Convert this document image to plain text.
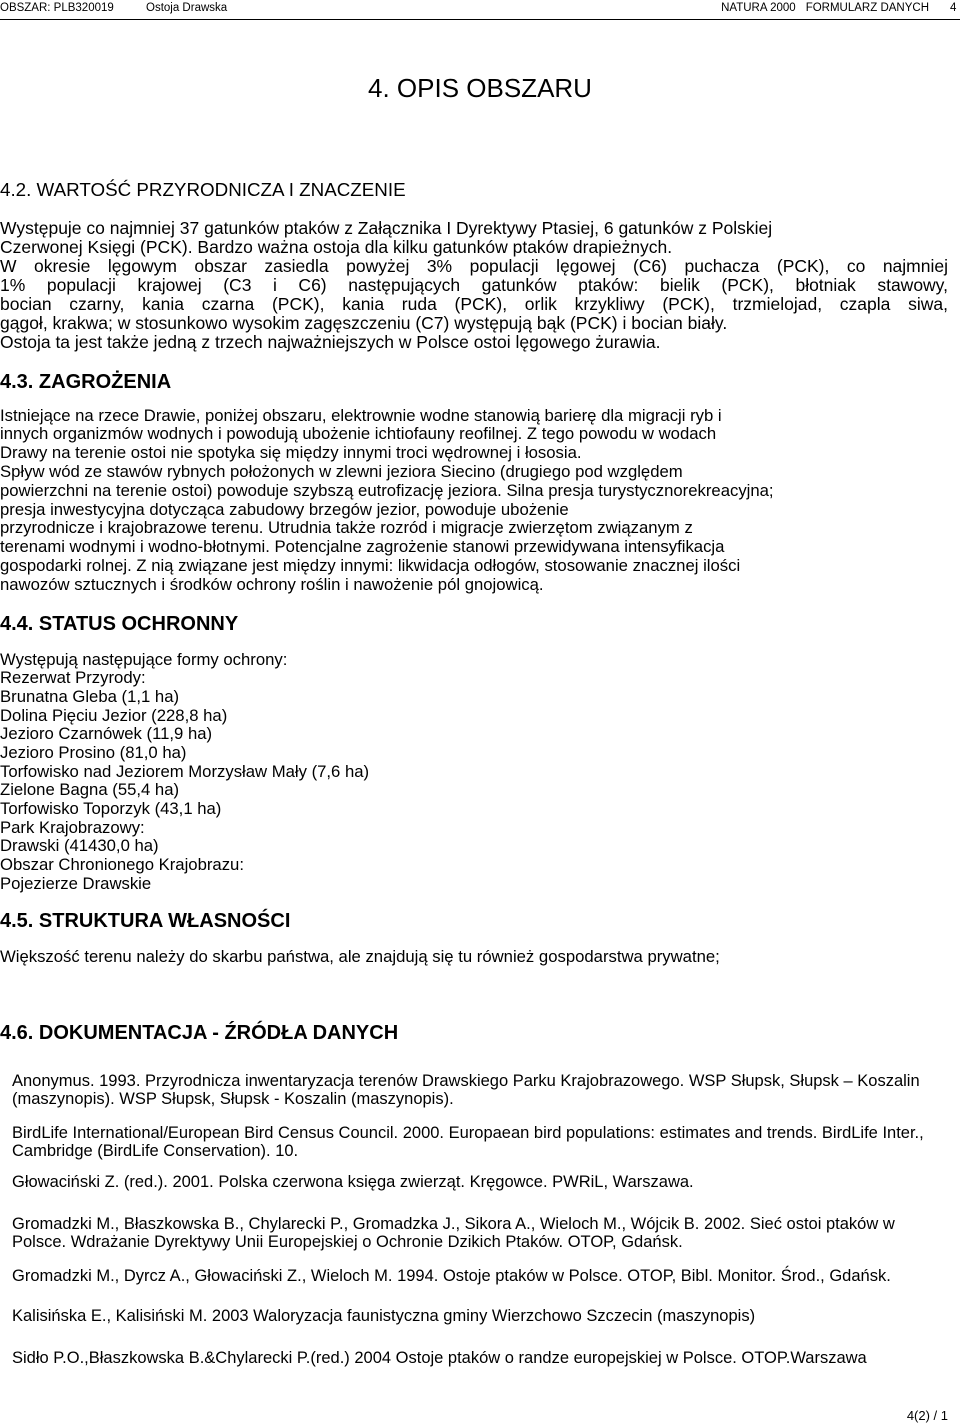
OBSZAR: PLB320019	Ostoja Drawska	NATURA 2000 FORMULARZ DANYCH 4
4. OPIS OBSZARU
4.2. WARTOŚĆ PRZYRODNICZA I ZNACZENIE
Występuje co najmniej 37 gatunków ptaków z Załącznika I Dyrektywy Ptasiej, 6 gatunków z Polskiej
Czerwonej Księgi (PCK). Bardzo ważna ostoja dla kilku gatunków ptaków drapieżnych.
W okresie lęgowym obszar zasiedla powyżej 3% populacji lęgowej (C6) puchacza (PCK), co najmniej
1% populacji krajowej (C3 i C6) następujących gatunków ptaków: bielik (PCK), błotniak stawowy,
bocian czarny, kania czarna (PCK), kania ruda (PCK), orlik krzykliwy (PCK), trzmielojad, czapla siwa,
gągoł, krakwa; w stosunkowo wysokim zagęszczeniu (C7) występują bąk (PCK) i bocian biały.
Ostoja ta jest także jedną z trzech najważniejszych w Polsce ostoi lęgowego żurawia.
4.3. ZAGROŻENIA
Istniejące na rzece Drawie, poniżej obszaru, elektrownie wodne stanowią barierę dla migracji ryb i
innych organizmów wodnych i powodują ubożenie ichtiofauny reofilnej. Z tego powodu w wodach
Drawy na terenie ostoi nie spotyka się między innymi troci wędrownej i łososia.
Spływ wód ze stawów rybnych położonych w zlewni jeziora Siecino (drugiego pod względem
powierzchni na terenie ostoi) powoduje szybszą eutrofizację jeziora. Silna presja turystycznorekreacyjna;
presja inwestycyjna dotycząca zabudowy brzegów jezior, powoduje ubożenie
przyrodnicze i krajobrazowe terenu. Utrudnia także rozród i migracje zwierzętom związanym z
terenami wodnymi i wodno-błotnymi. Potencjalne zagrożenie stanowi przewidywana intensyfikacja
gospodarki rolnej. Z nią związane jest między innymi: likwidacja odłogów, stosowanie znacznej ilości
nawozów sztucznych i środków ochrony roślin i nawożenie pól gnojowicą.
4.4. STATUS OCHRONNY
Występują następujące formy ochrony:
Rezerwat Przyrody:
Brunatna Gleba (1,1 ha)
Dolina Pięciu Jezior (228,8 ha)
Jezioro Czarnówek (11,9 ha)
Jezioro Prosino (81,0 ha)
Torfowisko nad Jeziorem Morzysław Mały (7,6 ha)
Zielone Bagna (55,4 ha)
Torfowisko Toporzyk (43,1 ha)
Park Krajobrazowy:
Drawski (41430,0 ha)
Obszar Chronionego Krajobrazu:
Pojezierze Drawskie
4.5. STRUKTURA WŁASNOŚCI
Większość terenu należy do skarbu państwa, ale znajdują się tu również gospodarstwa prywatne;
4.6. DOKUMENTACJA - ŹRÓDŁA DANYCH
Anonymus. 1993. Przyrodnicza inwentaryzacja terenów Drawskiego Parku Krajobrazowego. WSP Słupsk, Słupsk – Koszalin
(maszynopis). WSP Słupsk, Słupsk - Koszalin (maszynopis).
BirdLife International/European Bird Census Council. 2000. Europaean bird populations: estimates and trends. BirdLife Inter.,
Cambridge (BirdLife Conservation). 10.
Głowaciński Z. (red.). 2001. Polska czerwona księga zwierząt. Kręgowce. PWRiL, Warszawa.
Gromadzki M., Błaszkowska B., Chylarecki P., Gromadzka J., Sikora A., Wieloch M., Wójcik B. 2002. Sieć ostoi ptaków w
Polsce. Wdrażanie Dyrektywy Unii Europejskiej o Ochronie Dzikich Ptaków. OTOP, Gdańsk.
Gromadzki M., Dyrcz A., Głowaciński Z., Wieloch M. 1994. Ostoje ptaków w Polsce. OTOP, Bibl. Monitor. Środ., Gdańsk.
Kalisińska E., Kalisiński M. 2003 Waloryzacja faunistyczna gminy Wierzchowo Szczecin (maszynopis)
Sidło P.O.,Błaszkowska B.&Chylarecki P.(red.) 2004 Ostoje ptaków o randze europejskiej w Polsce. OTOP.Warszawa
4(2) / 1
